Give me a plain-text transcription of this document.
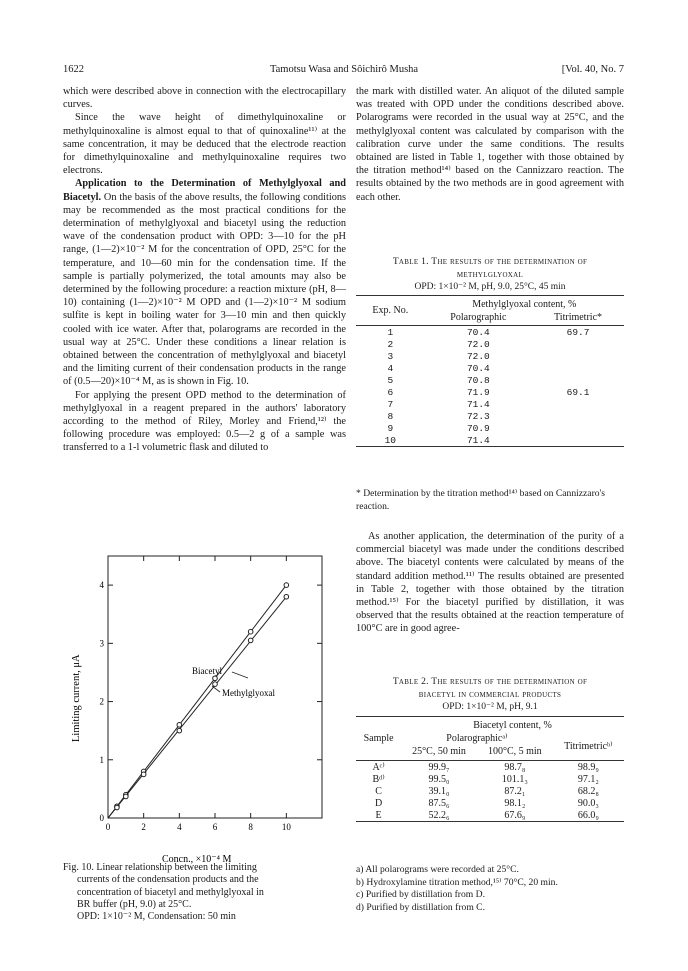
1622	Tamotsu Wasa and Sôichirô Musha	[Vol. 40, No. 7

which were described above in connection with the electrocapillary curves.

Since the wave height of dimethylquinoxaline or methylquinoxaline is almost equal to that of quinoxaline¹¹⁾ at the same concentration, it may be deduced that the electrode reaction for dimethylquinoxaline and methylquinoxaline requires two electrons.

Application to the Determination of Methylglyoxal and Biacetyl. On the basis of the above results, the following conditions may be recommended as the most practical conditions for the determination of methylglyoxal and biacetyl using the reduction wave of the condensation product with OPD: 3—10 for the pH range, (1—2)×10⁻² M for the concentration of OPD, 25°C for the temperature, and 10—60 min for the condensation time. If the sample is partially polymerized, the total amounts may also be determined by the following procedure: a reaction mixture (pH, 8—10) containing (1—2)×10⁻² M OPD and (1—2)×10⁻² M sodium sulfite is kept in boiling water for 3—10 min and then quickly cooled with ice water. After that, polarograms are recorded in the usual way at 25°C. Under these conditions a linear relation is obtained between the concentration of methylglyoxal and biacetyl and the limiting current of their condensation products in the range of (0.5—20)×10⁻⁴ M, as is shown in Fig. 10.

For applying the present OPD method to the determination of methylglyoxal in a reagent prepared in the authors' laboratory according to the method of Riley, Morley and Friend,¹²⁾ the following procedure was employed: 0.5—2 g of a sample was transferred to a 1-l volumetric flask and diluted to

0	2	4	6	8	10
0
1
2
3
4
Concn., ×10⁻⁴ M
Limiting current, μA	Biacetyl
Methylglyoxal
Fig. 10. Linear relationship between the limiting
currents of the condensation products and the
concentration of biacetyl and methylglyoxal in
BR buffer (pH, 9.0) at 25°C.
OPD: 1×10⁻² M, Condensation: 50 min

the mark with distilled water. An aliquot of the diluted sample was treated with OPD under the conditions described above. Polarograms were recorded in the usual way at 25°C, and the methylglyoxal content was calculated by comparison with the calibration curve under the same conditions. The results obtained are listed in Table 1, together with those obtained by the titration method¹⁴⁾ based on the Cannizzaro reaction. The results obtained by the two methods are in good agreement with each other.

Table 1. The results of the determination of
methylglyoxal
OPD: 1×10⁻² M, pH, 9.0, 25°C, 45 min
Exp. No.	Methylglyoxal content, %	
	Polarographic	Titrimetric*
1	70.4	69.7
2	72.0	
3	72.0	
4	70.4	
5	70.8	
6	71.9	69.1
7	71.4	
8	72.3	
9	70.9	
10	71.4	
* Determination by the titration method¹⁴⁾ based on Cannizzaro's reaction.

As another application, the determination of the purity of a commercial biacetyl was made under the conditions described above. The biacetyl contents were calculated by means of the standard addition method.¹¹⁾ The results obtained are presented in Table 2, together with those obtained by the titration method.¹⁵⁾ For the biacetyl purified by distillation, it was observed that the results obtained at the reaction temperature of 100°C are in good agree-

Table 2. The results of the determination of
biacetyl in commercial products
OPD: 1×10⁻² M, pH, 9.1
Sample	Biacetyl content, %		
	Polarographicᵃ⁾		Titrimetricᵇ⁾
	25°C, 50 min	100°C, 5 min	
Aᶜ⁾	99.9₇	98.7₈	98.9₉
Bᵈ⁾	99.5₀	101.1₃	97.1₂
C	39.1₀	87.2₁	68.2₈
D	87.5₆	98.1₂	90.0₃
E	52.2₆	67.6₉	66.0₉
a) All polarograms were recorded at 25°C.
b) Hydroxylamine titration method,¹⁵⁾ 70°C, 20 min.
c) Purified by distillation from D.
d) Purified by distillation from C.
